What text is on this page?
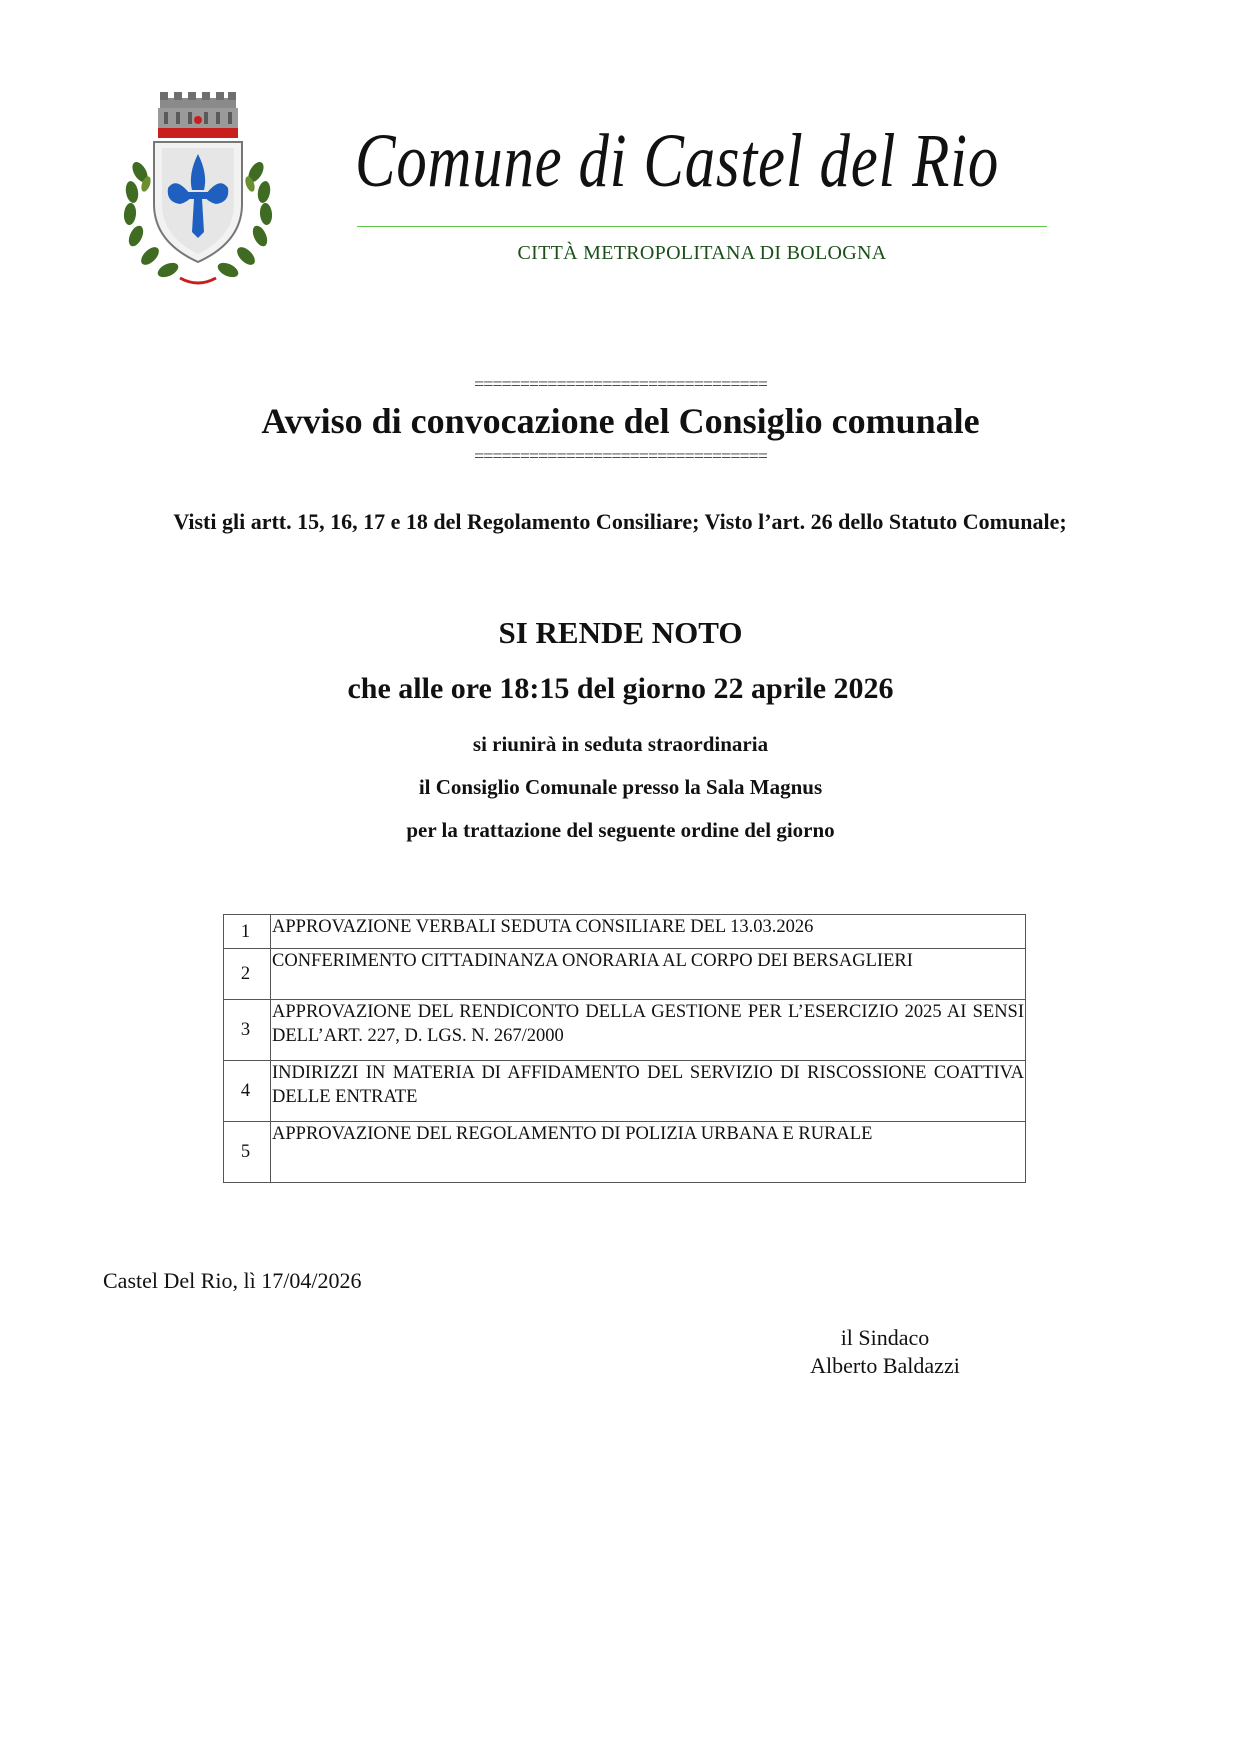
Comune di Castel del Rio
CITTÀ METROPOLITANA DI BOLOGNA
================================
Avviso di convocazione del Consiglio comunale
================================
Visti gli artt. 15, 16, 17 e 18 del Regolamento Consiliare; Visto l’art. 26 dello Statuto Comunale;
SI RENDE NOTO
che alle ore 18:15 del giorno 22 aprile 2026
si riunirà in seduta straordinaria
il Consiglio Comunale presso la Sala Magnus
per la trattazione del seguente ordine del giorno
1	APPROVAZIONE VERBALI SEDUTA CONSILIARE DEL 13.03.2026
2	CONFERIMENTO CITTADINANZA ONORARIA AL CORPO DEI BERSAGLIERI
3	APPROVAZIONE DEL RENDICONTO DELLA GESTIONE PER L’ESERCIZIO 2025 AI SENSI DELL’ART. 227, D. LGS. N. 267/2000
4	INDIRIZZI IN MATERIA DI AFFIDAMENTO DEL SERVIZIO DI RISCOSSIONE COATTIVA DELLE ENTRATE
5	APPROVAZIONE DEL REGOLAMENTO DI POLIZIA URBANA E RURALE
Castel Del Rio, lì 17/04/2026
il Sindaco
Alberto Baldazzi
